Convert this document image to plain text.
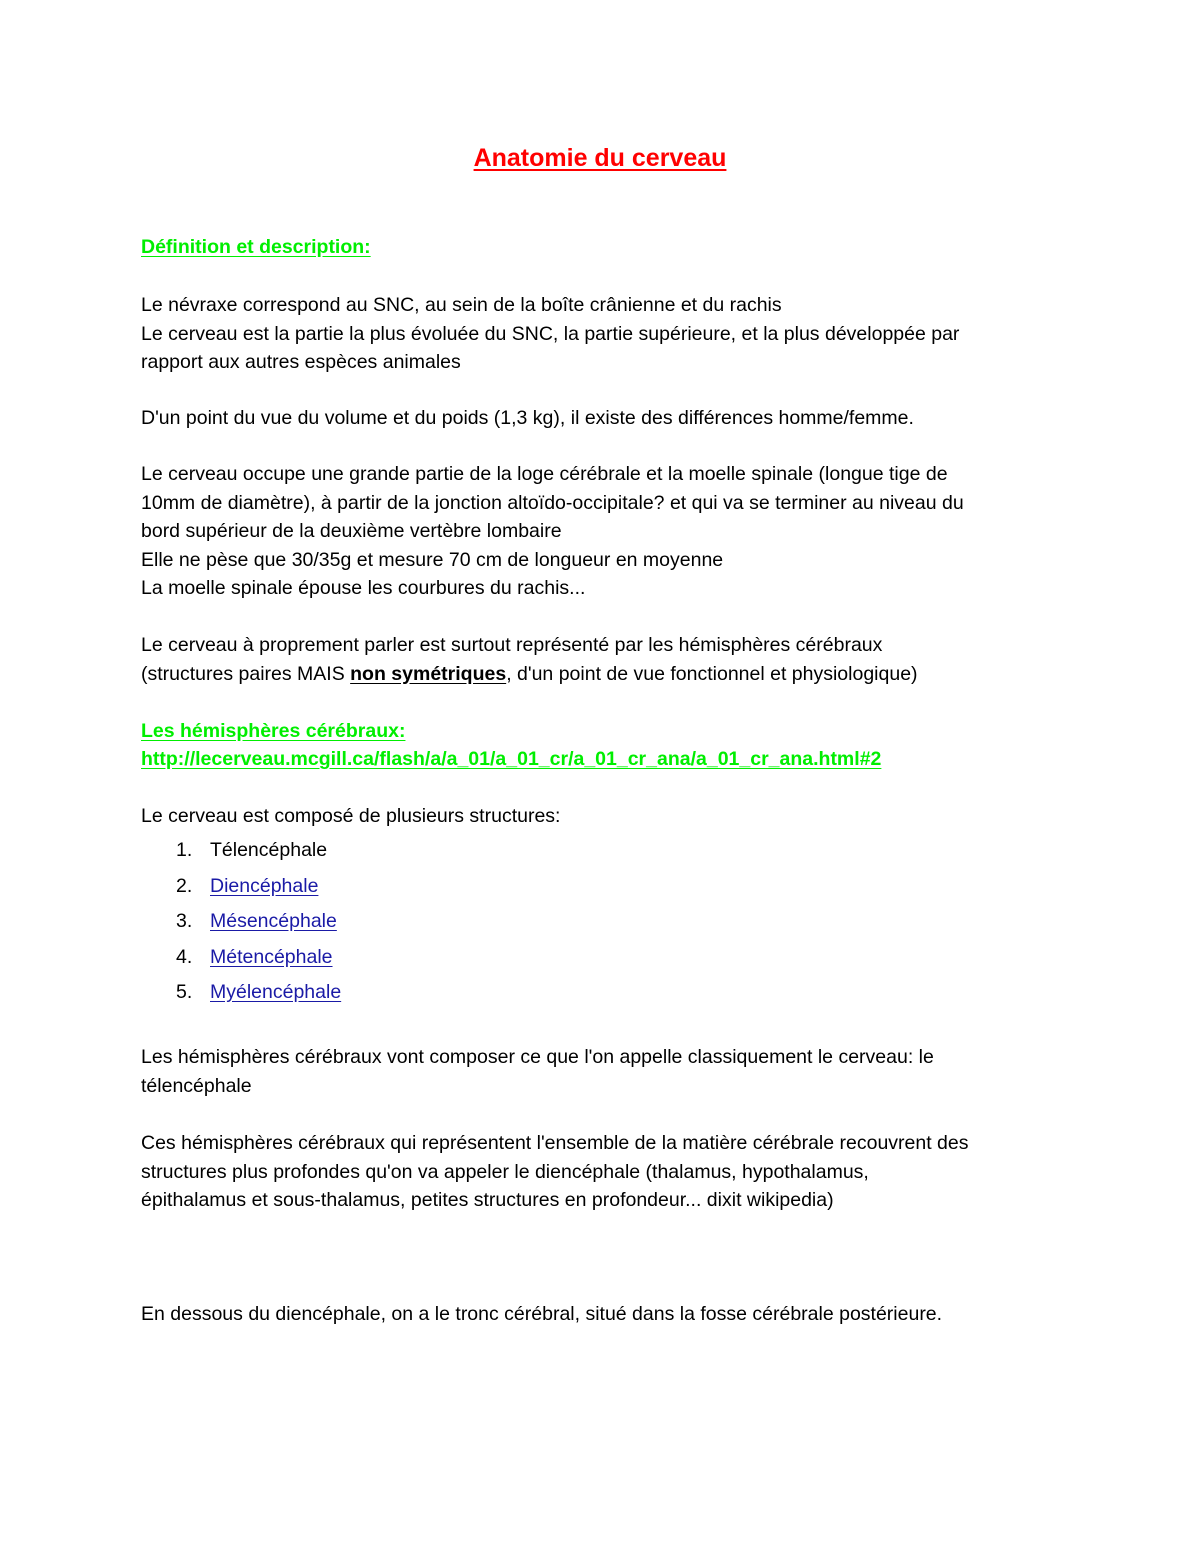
Anatomie du cerveau
Définition et description:
Le névraxe correspond au SNC, au sein de la boîte crânienne et du rachis
Le cerveau est la partie la plus évoluée du SNC, la partie supérieure, et la plus développée par
rapport aux autres espèces animales
D'un point du vue du volume et du poids (1,3 kg), il existe des différences homme/femme.
Le cerveau occupe une grande partie de la loge cérébrale et la moelle spinale (longue tige de
10mm de diamètre), à partir de la jonction altoïdo-occipitale? et qui va se terminer au niveau du
bord supérieur de la deuxième vertèbre lombaire
Elle ne pèse que 30/35g et mesure 70 cm de longueur en moyenne
La moelle spinale épouse les courbures du rachis...
Le cerveau à proprement parler est surtout représenté par les hémisphères cérébraux
(structures paires MAIS non symétriques, d'un point de vue fonctionnel et physiologique)
Les hémisphères cérébraux:
http://lecerveau.mcgill.ca/flash/a/a_01/a_01_cr/a_01_cr_ana/a_01_cr_ana.html#2
Le cerveau est composé de plusieurs structures:
1. Télencéphale
2. Diencéphale
3. Mésencéphale
4. Métencéphale
5. Myélencéphale
Les hémisphères cérébraux vont composer ce que l'on appelle classiquement le cerveau: le
télencéphale
Ces hémisphères cérébraux qui représentent l'ensemble de la matière cérébrale recouvrent des
structures plus profondes qu'on va appeler le diencéphale (thalamus, hypothalamus,
épithalamus et sous-thalamus, petites structures en profondeur... dixit wikipedia)
En dessous du diencéphale, on a le tronc cérébral, situé dans la fosse cérébrale postérieure.
